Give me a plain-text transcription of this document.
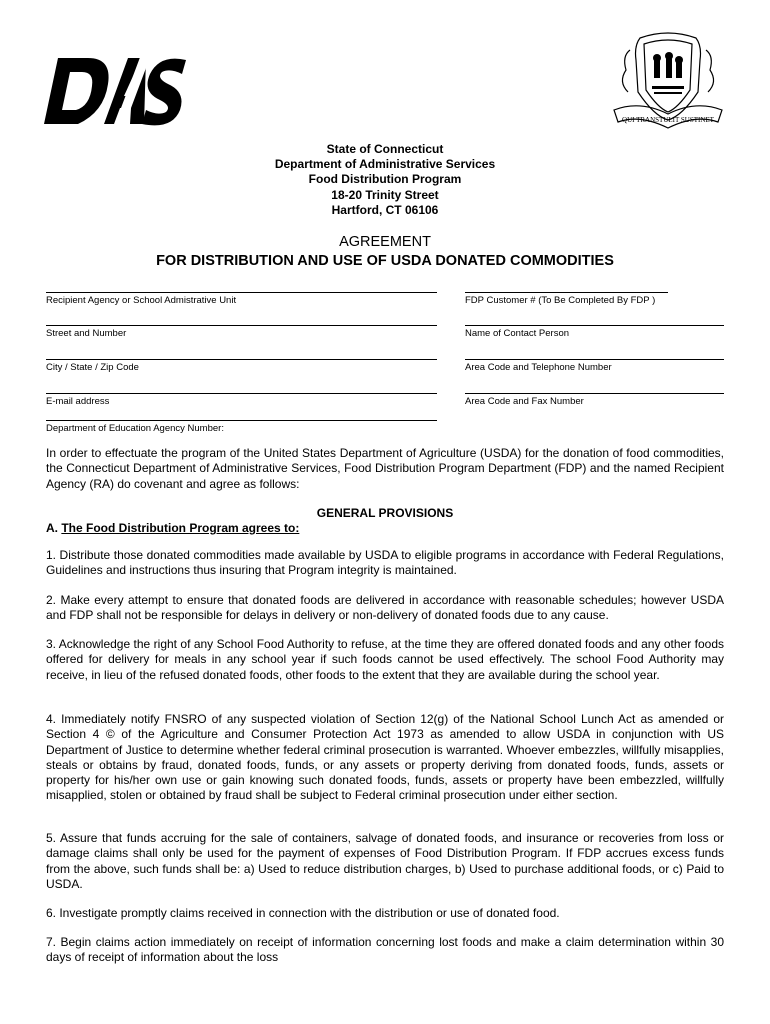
QUI TRANSTULIT SUSTINET
State of Connecticut
Department of Administrative Services
Food Distribution Program
18-20 Trinity Street
Hartford, CT 06106
AGREEMENT
FOR DISTRIBUTION AND USE OF USDA DONATED COMMODITIES
Recipient Agency or School Admistrative Unit	FDP Customer # (To Be Completed By FDP )
Street and Number	Name of Contact Person
City / State / Zip Code	Area Code and Telephone Number
E-mail address	Area Code and Fax Number
Department of Education Agency Number:
In order to effectuate the program of the United States Department of Agriculture (USDA) for the donation of food commodities, the Connecticut Department of Administrative Services, Food Distribution Program Department (FDP) and the named Recipient Agency (RA) do covenant and agree as follows:
GENERAL PROVISIONS
A. The Food Distribution Program agrees to:
1. Distribute those donated commodities made available by USDA to eligible programs in accordance with Federal Regulations, Guidelines and instructions thus insuring that Program integrity is maintained.
2. Make every attempt to ensure that donated foods are delivered in accordance with reasonable schedules; however USDA and FDP shall not be responsible for delays in delivery or non-delivery of donated foods due to any cause.
3. Acknowledge the right of any School Food Authority to refuse, at the time they are offered donated foods and any other foods offered for delivery for meals in any school year if such foods cannot be used effectively. The school Food Authority may receive, in lieu of the refused donated foods, other foods to the extent that they are available during the school year.
4. Immediately notify FNSRO of any suspected violation of Section 12(g) of the National School Lunch Act as amended or Section 4 © of the Agriculture and Consumer Protection Act 1973 as amended to allow USDA in conjunction with US Department of Justice to determine whether federal criminal prosecution is warranted. Whoever embezzles, willfully misapplies, steals or obtains by fraud, donated foods, funds, or any assets or property deriving from donated foods, funds, assets or property for his/her own use or gain knowing such donated foods, funds, assets or property have been embezzled, willfully misapplied, stolen or obtained by fraud shall be subject to Federal criminal prosecution under either section.
5. Assure that funds accruing for the sale of containers, salvage of donated foods, and insurance or recoveries from loss or damage claims shall only be used for the payment of expenses of Food Distribution Program. If FDP accrues excess funds from the above, such funds shall be: a) Used to reduce distribution charges, b) Used to purchase additional foods, or c) Paid to USDA.
6. Investigate promptly claims received in connection with the distribution or use of donated food.
7. Begin claims action immediately on receipt of information concerning lost foods and make a claim determination within 30 days of receipt of information about the loss
